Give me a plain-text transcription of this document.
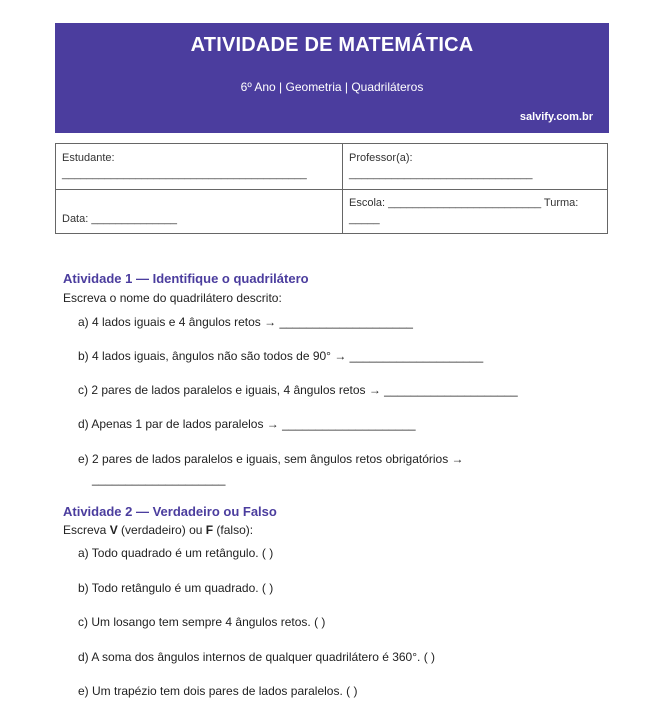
ATIVIDADE DE MATEMÁTICA
6º Ano | Geometria | Quadriláteros
salvify.com.br
Estudante:
________________________________________
Professor(a):
______________________________
Data: ______________
Escola: _________________________ Turma:
_____
Atividade 1 — Identifique o quadrilátero
Escreva o nome do quadrilátero descrito:
a) 4 lados iguais e 4 ângulos retos → ____________________
b) 4 lados iguais, ângulos não são todos de 90° → ____________________
c) 2 pares de lados paralelos e iguais, 4 ângulos retos → ____________________
d) Apenas 1 par de lados paralelos → ____________________
e) 2 pares de lados paralelos e iguais, sem ângulos retos obrigatórios →
____________________
Atividade 2 — Verdadeiro ou Falso
Escreva V (verdadeiro) ou F (falso):
a) Todo quadrado é um retângulo. ( )
b) Todo retângulo é um quadrado. ( )
c) Um losango tem sempre 4 ângulos retos. ( )
d) A soma dos ângulos internos de qualquer quadrilátero é 360°. ( )
e) Um trapézio tem dois pares de lados paralelos. ( )
